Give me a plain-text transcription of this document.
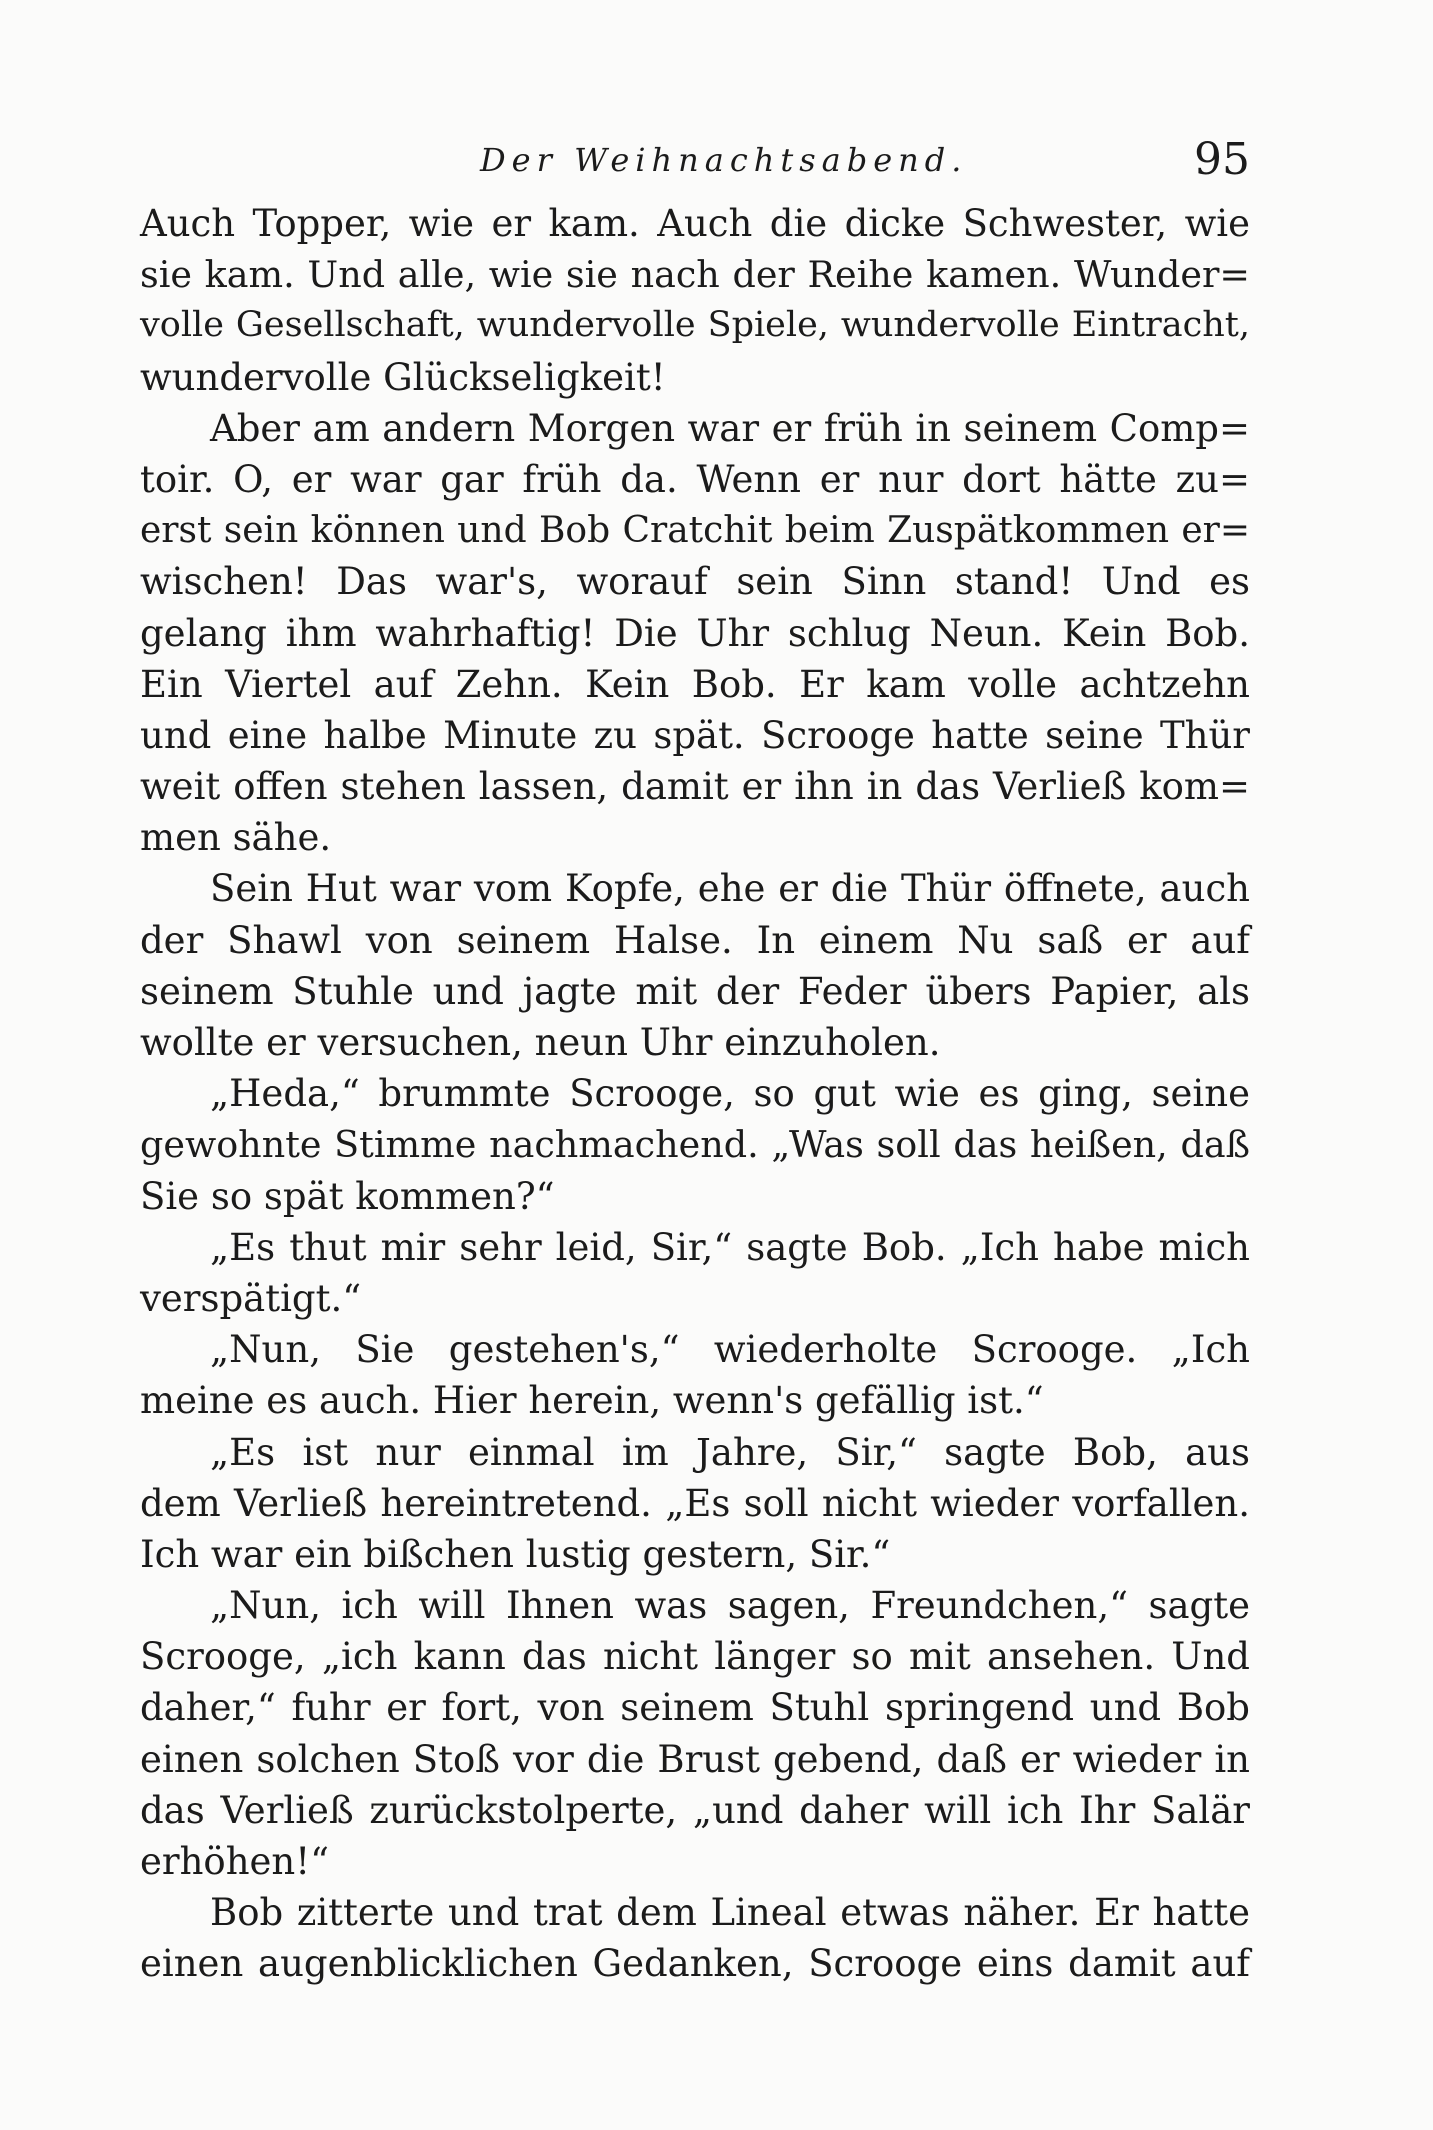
Der Weihnachtsabend.	95
Auch Topper, wie er kam. Auch die dicke Schwester, wie
sie kam. Und alle, wie sie nach der Reihe kamen. Wunder=
volle Gesellschaft, wundervolle Spiele, wundervolle Eintracht,
wundervolle Glückseligkeit!
Aber am andern Morgen war er früh in seinem Comp=
toir. O, er war gar früh da. Wenn er nur dort hätte zu=
erst sein können und Bob Cratchit beim Zuspätkommen er=
wischen! Das war's, worauf sein Sinn stand! Und es
gelang ihm wahrhaftig! Die Uhr schlug Neun. Kein Bob.
Ein Viertel auf Zehn. Kein Bob. Er kam volle achtzehn
und eine halbe Minute zu spät. Scrooge hatte seine Thür
weit offen stehen lassen, damit er ihn in das Verließ kom=
men sähe.
Sein Hut war vom Kopfe, ehe er die Thür öffnete, auch
der Shawl von seinem Halse. In einem Nu saß er auf
seinem Stuhle und jagte mit der Feder übers Papier, als
wollte er versuchen, neun Uhr einzuholen.
„Heda,“ brummte Scrooge, so gut wie es ging, seine
gewohnte Stimme nachmachend. „Was soll das heißen, daß
Sie so spät kommen?“
„Es thut mir sehr leid, Sir,“ sagte Bob. „Ich habe mich
verspätigt.“
„Nun, Sie gestehen's,“ wiederholte Scrooge. „Ich
meine es auch. Hier herein, wenn's gefällig ist.“
„Es ist nur einmal im Jahre, Sir,“ sagte Bob, aus
dem Verließ hereintretend. „Es soll nicht wieder vorfallen.
Ich war ein bißchen lustig gestern, Sir.“
„Nun, ich will Ihnen was sagen, Freundchen,“ sagte
Scrooge, „ich kann das nicht länger so mit ansehen. Und
daher,“ fuhr er fort, von seinem Stuhl springend und Bob
einen solchen Stoß vor die Brust gebend, daß er wieder in
das Verließ zurückstolperte, „und daher will ich Ihr Salär
erhöhen!“
Bob zitterte und trat dem Lineal etwas näher. Er hatte
einen augenblicklichen Gedanken, Scrooge eins damit auf
